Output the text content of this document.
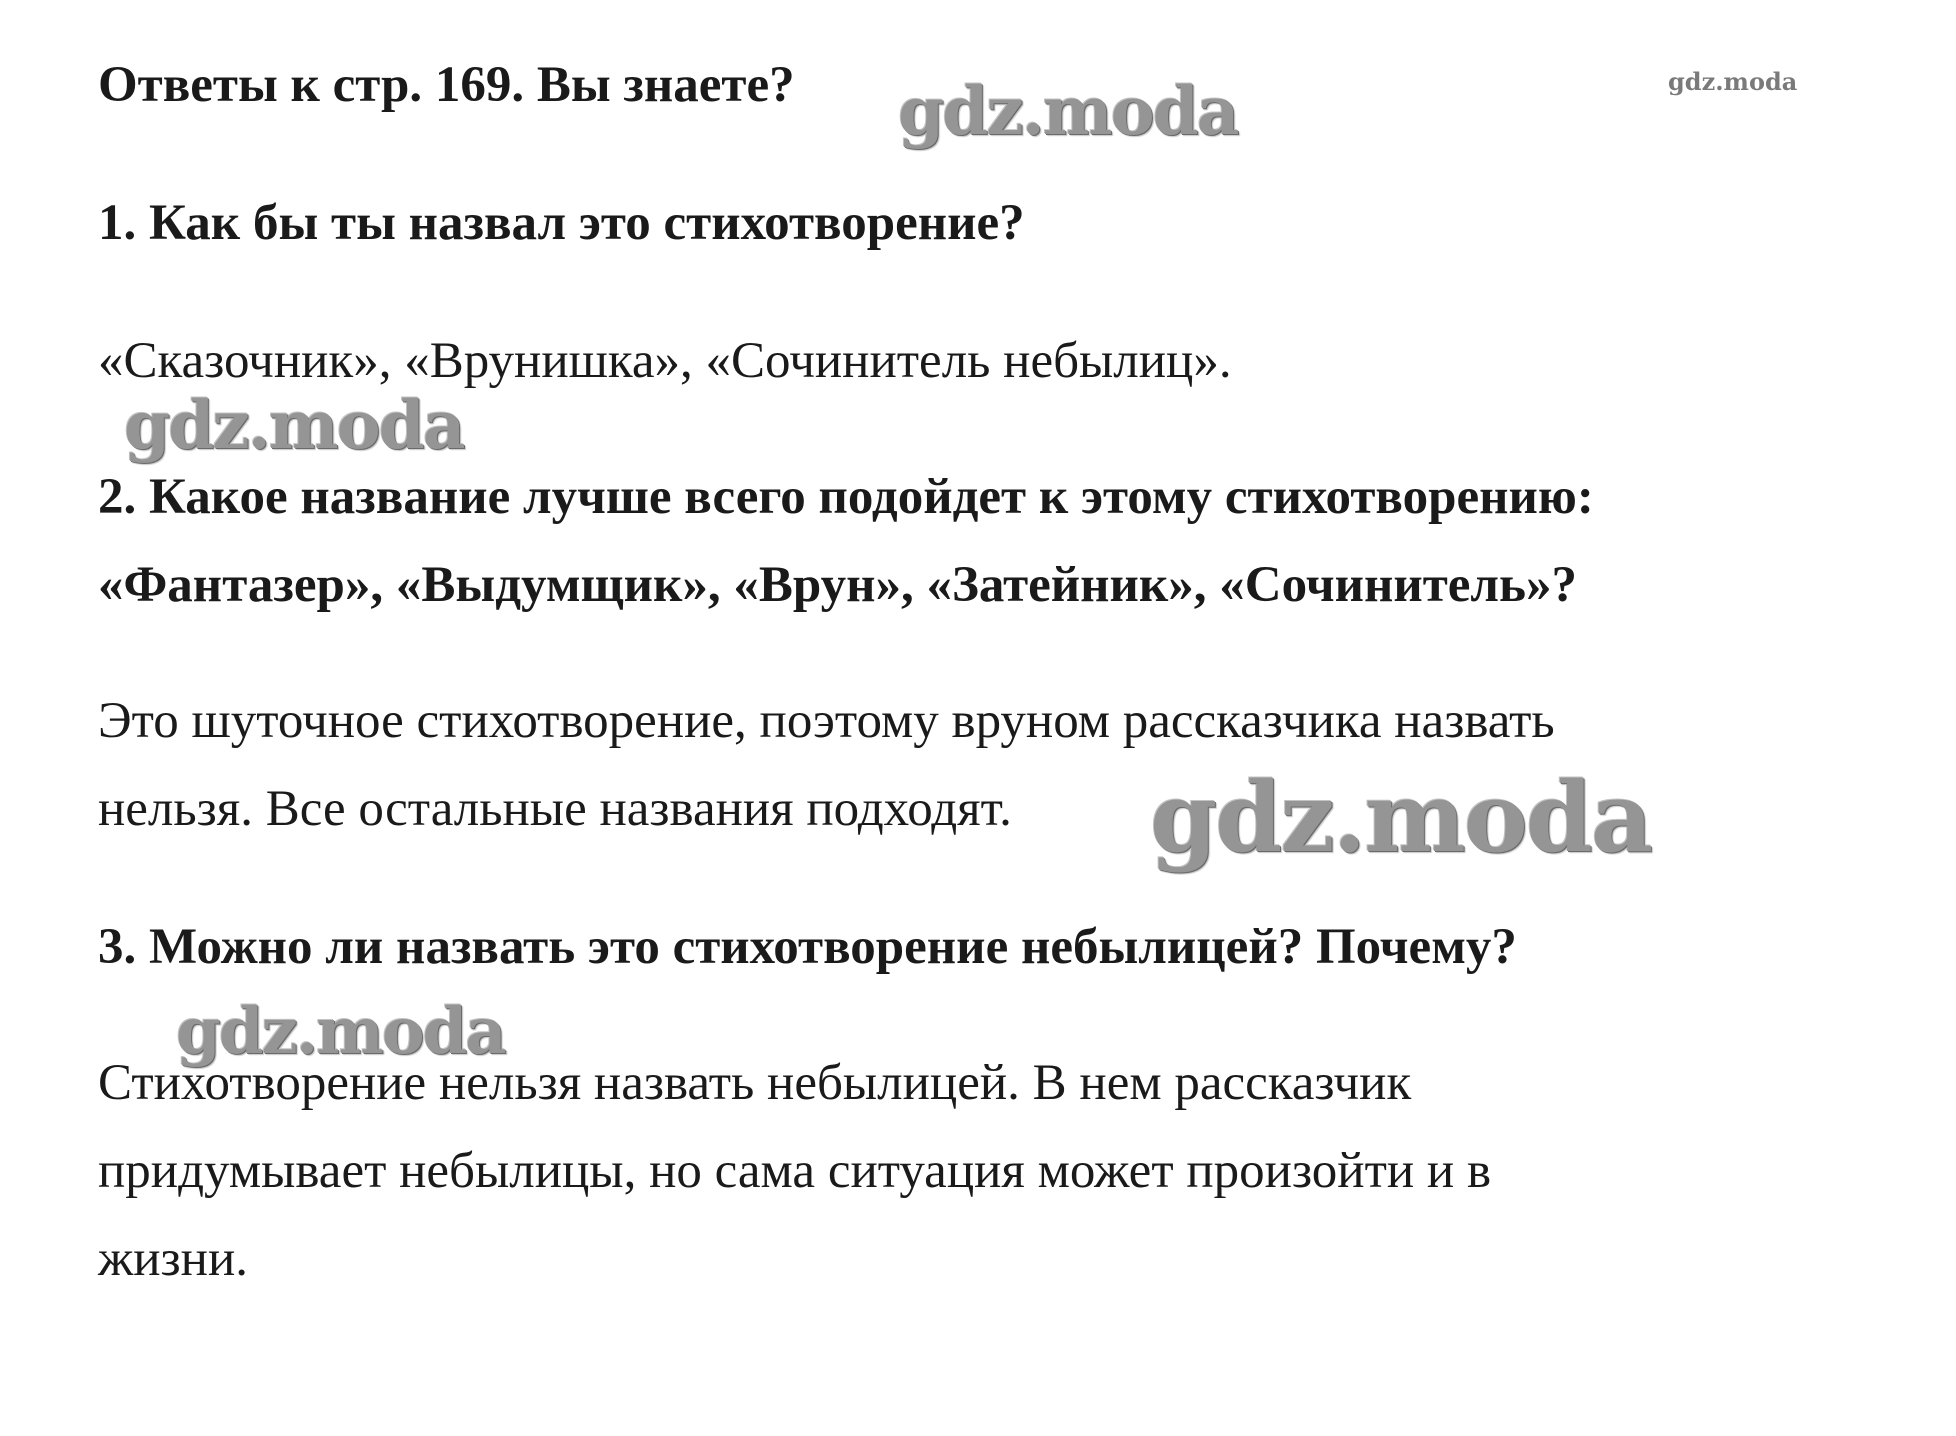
Ответы к стр. 169. Вы знаете?
1. Как бы ты назвал это стихотворение?
«Сказочник», «Врунишка», «Сочинитель небылиц».
2. Какое название лучше всего подойдет к этому стихотворению:
«Фантазер», «Выдумщик», «Врун», «Затейник», «Сочинитель»?
Это шуточное стихотворение, поэтому вруном рассказчика назвать
нельзя. Все остальные названия подходят.
3. Можно ли назвать это стихотворение небылицей? Почему?
Стихотворение нельзя назвать небылицей. В нем рассказчик
придумывает небылицы, но сама ситуация может произойти и в
жизни.
gdz.moda	gdz.moda
gdz.moda
gdz.moda
gdz.moda
